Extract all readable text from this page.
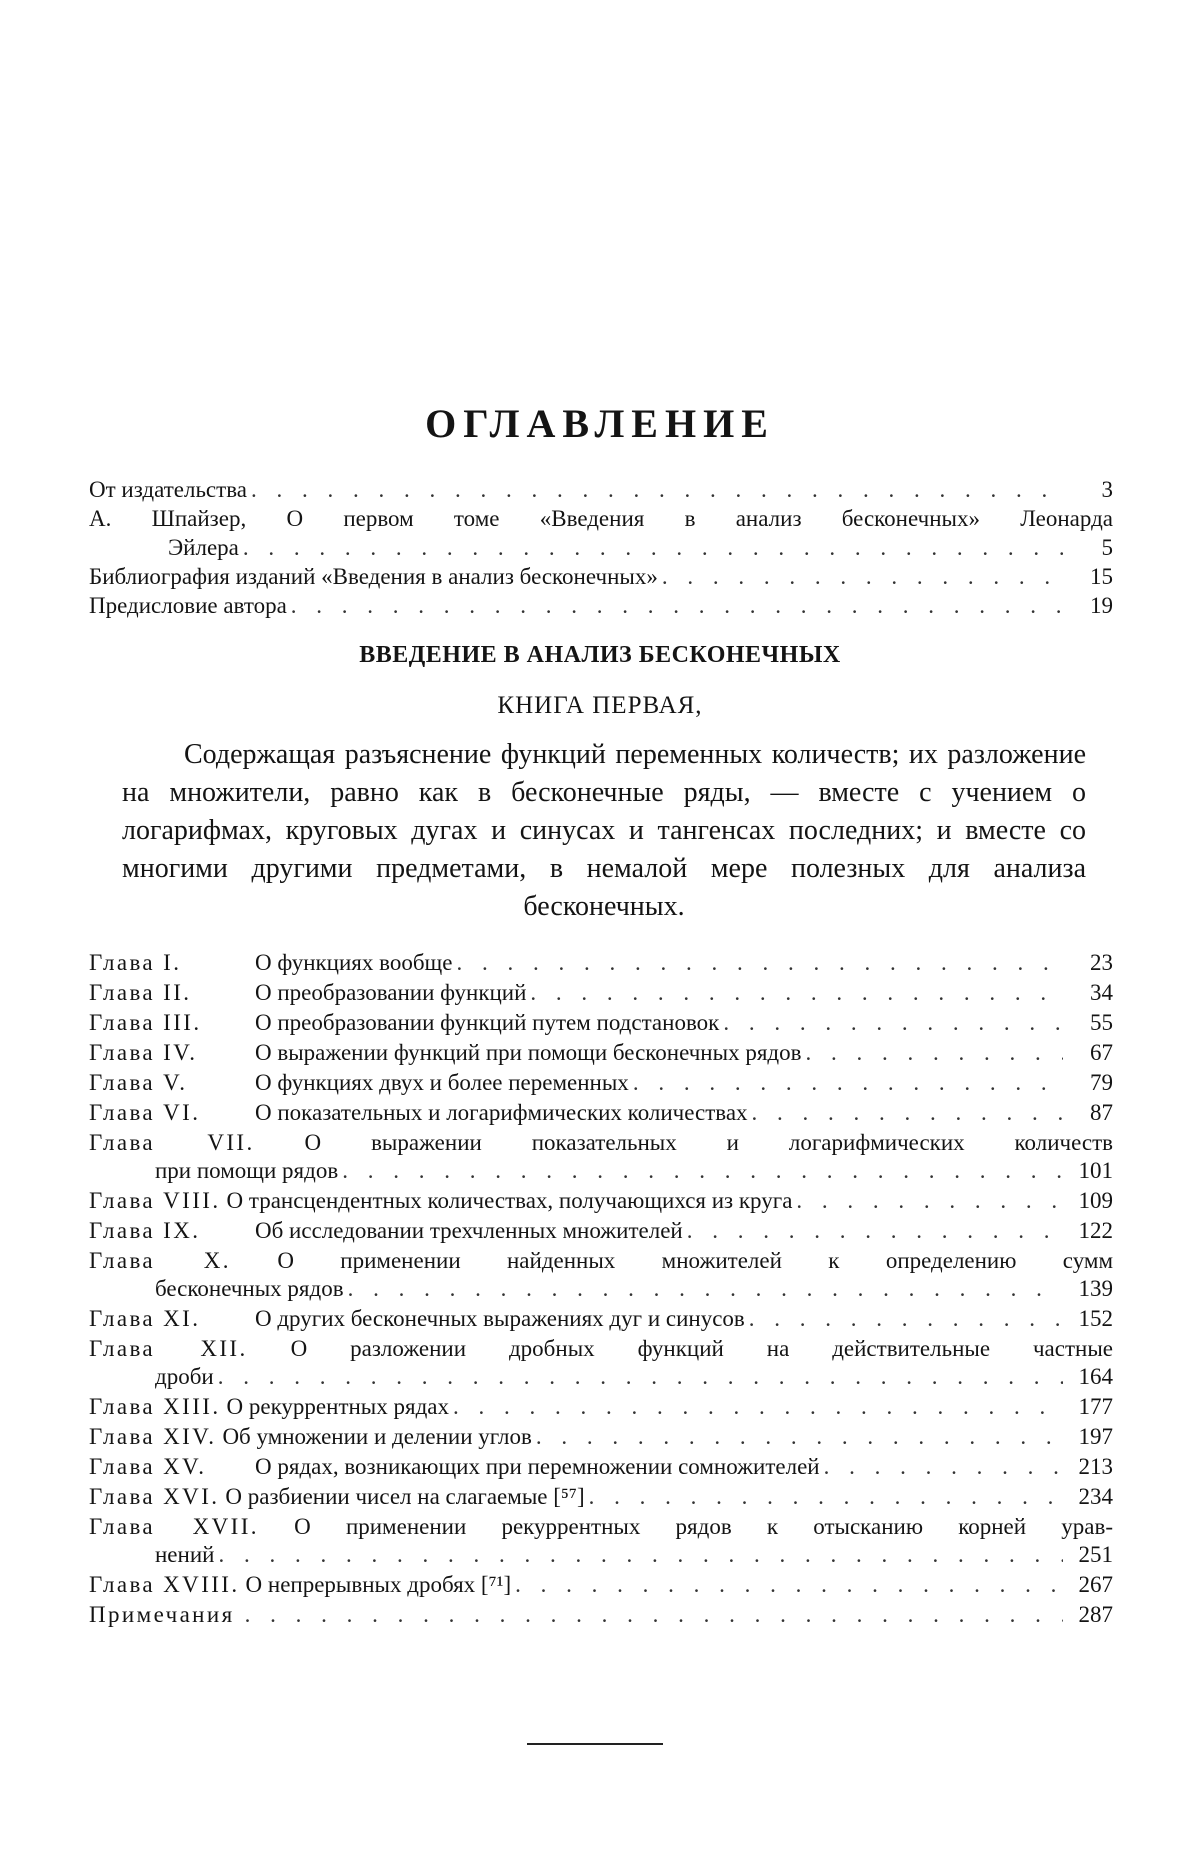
ОГЛАВЛЕНИЕ
От издательства
. . .	3
А. Шпайзер, О первом томе «Введения в анализ бесконечных» Леонарда
Эйлера
. . .	5
Библиография изданий «Введения в анализ бесконечных»
. . .	15
Предисловие автора
. . .	19
ВВЕДЕНИЕ В АНАЛИЗ БЕСКОНЕЧНЫХ
КНИГА ПЕРВАЯ,
Содержащая разъяснение функций переменных количеств; их разложение на множители, равно как в бесконечные ряды, — вместе с учением о логарифмах, круговых дугах и синусах и тангенсах последних; и вместе со многими другими предметами, в немалой мере полезных для анализа бесконечных.
Глава I.	О функциях вообще
. . .	23
Глава II.	О преобразовании функций
. . .	34
Глава III. О преобразовании функций путем подстановок
. . .	55
Глава IV.	О выражении функций при помощи бесконечных рядов
. . .	67
Глава V.	О функциях двух и более переменных
. . .	79
Глава VI. О показательных и логарифмических количествах
. . .	87
Глава VII. О выражении показательных и логарифмических количеств
при помощи рядов
. . .	101
Глава VIII. О трансцендентных количествах, получающихся из круга
. . .	109
Глава IX. Об исследовании трехчленных множителей
. . .	122
Глава X. О применении найденных множителей к определению сумм
бесконечных рядов
. . .	139
Глава XI. О других бесконечных выражениях дуг и синусов
. . .	152
Глава XII. О разложении дробных функций на действительные частные
дроби
. . .	164
Глава XIII. О рекуррентных рядах
. . .	177
Глава XIV. Об умножении и делении углов
. . .	197
Глава XV. О рядах, возникающих при перемножении сомножителей
. . .	213
Глава XVI. О разбиении чисел на слагаемые [⁵⁷]
. . .	234
Глава XVII. О применении рекуррентных рядов к отысканию корней урав-
нений
. . .	251
Глава XVIII. О непрерывных дробях [⁷¹]
. . .	267
Примечания
. . .	287
